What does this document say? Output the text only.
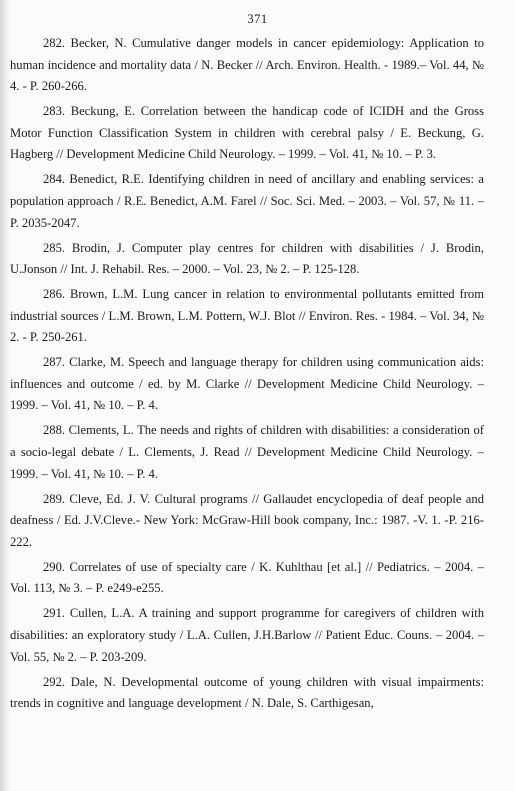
371

282. Becker, N. Cumulative danger models in cancer epidemiology: Application to human incidence and mortality data / N. Becker // Arch. Environ. Health. - 1989.– Vol. 44, № 4. - P. 260-266.

283. Beckung, E. Correlation between the handicap code of ICIDH and the Gross Motor Function Classification System in children with cerebral palsy / E. Beckung, G. Hagberg // Development Medicine Child Neurology. – 1999. – Vol. 41, № 10. – P. 3.

284. Benedict, R.E. Identifying children in need of ancillary and enabling services: a population approach / R.E. Benedict, A.M. Farel // Soc. Sci. Med. – 2003. – Vol. 57, № 11. – P. 2035-2047.

285. Brodin, J. Computer play centres for children with disabilities / J. Brodin, U.Jonson // Int. J. Rehabil. Res. – 2000. – Vol. 23, № 2. – P. 125-128.

286. Brown, L.M. Lung cancer in relation to environmental pollutants emitted from industrial sources / L.M. Brown, L.M. Pottern, W.J. Blot // Environ. Res. - 1984. – Vol. 34, № 2. - P. 250-261.

287. Clarke, M. Speech and language therapy for children using communication aids: influences and outcome / ed. by M. Clarke // Development Medicine Child Neurology. – 1999. – Vol. 41, № 10. – P. 4.

288. Clements, L. The needs and rights of children with disabilities: a consideration of a socio-legal debate / L. Clements, J. Read // Development Medicine Child Neurology. – 1999. – Vol. 41, № 10. – P. 4.

289. Cleve, Ed. J. V. Cultural programs // Gallaudet encyclopedia of deaf people and deafness / Ed. J.V.Cleve.- New York: McGraw-Hill book company, Inc.: 1987. -V. 1. -P. 216-222.

290. Correlates of use of specialty care / K. Kuhlthau [et al.] // Pediatrics. – 2004. – Vol. 113, № 3. – P. e249-e255.

291. Cullen, L.A. A training and support programme for caregivers of children with disabilities: an exploratory study / L.A. Cullen, J.H.Barlow // Patient Educ. Couns. – 2004. – Vol. 55, № 2. – P. 203-209.

292. Dale, N. Developmental outcome of young children with visual impairments: trends in cognitive and language development / N. Dale, S. Carthigesan,
